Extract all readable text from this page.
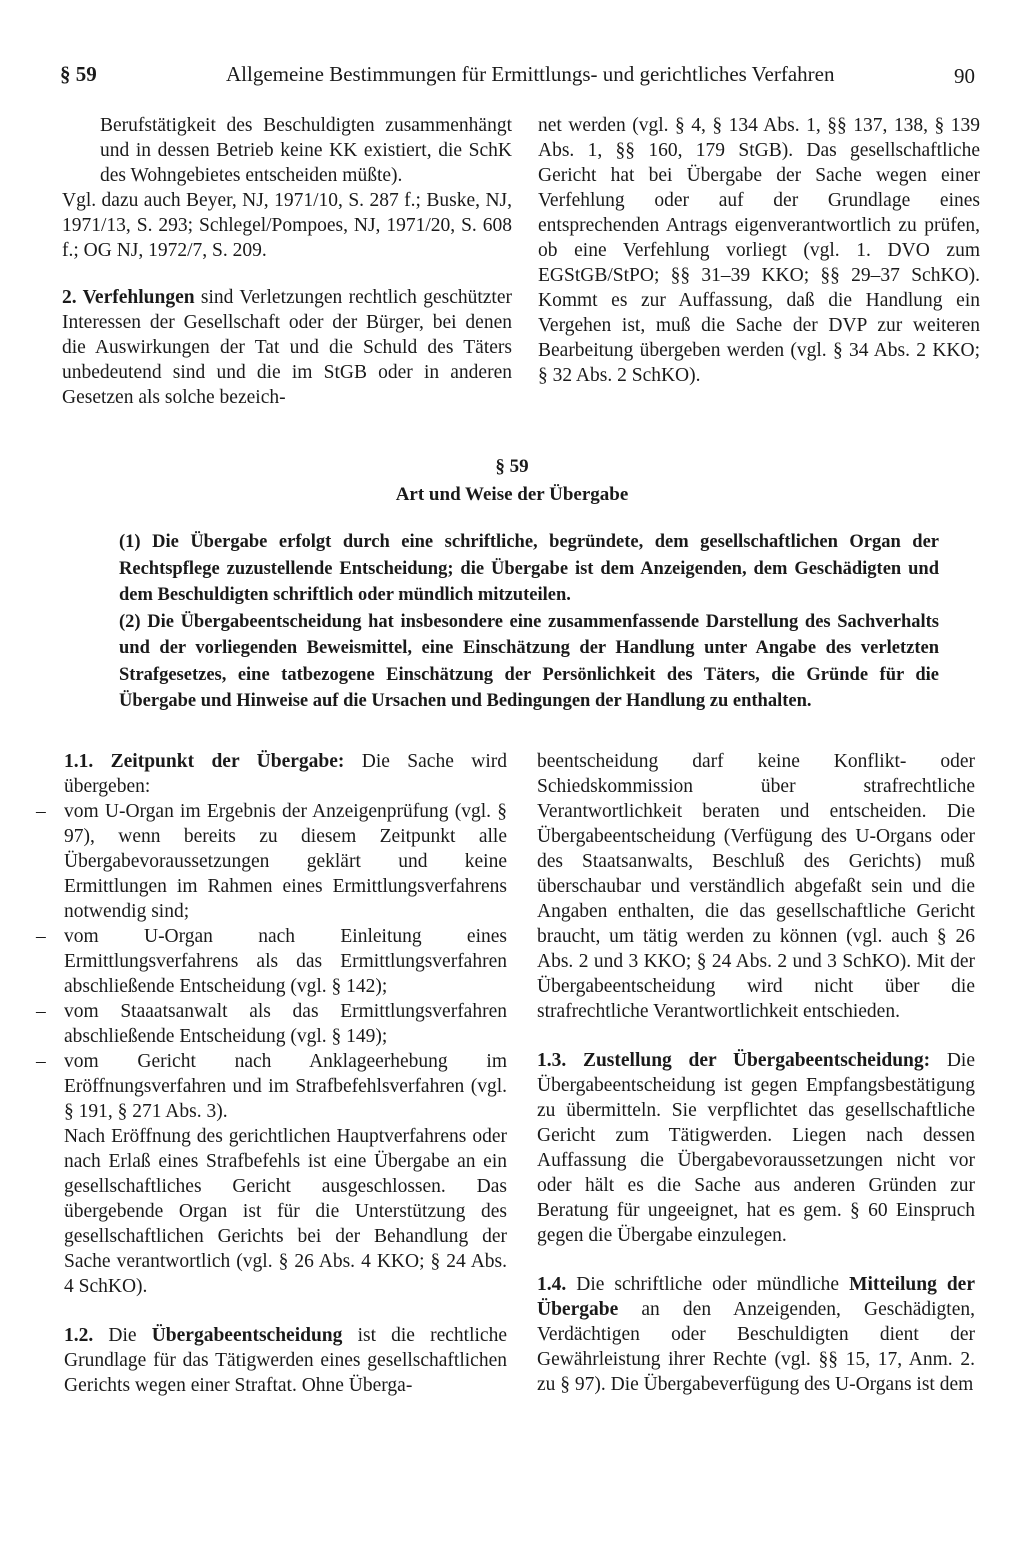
§ 59	Allgemeine Bestimmungen für Ermittlungs- und gerichtliches Verfahren	90

Berufstätigkeit des Beschuldigten zusammenhängt und in dessen Betrieb keine KK existiert, die SchK des Wohngebietes entscheiden müßte).

Vgl. dazu auch Beyer, NJ, 1971/10, S. 287 f.; Buske, NJ, 1971/13, S. 293; Schlegel/Pompoes, NJ, 1971/20, S. 608 f.; OG NJ, 1972/7, S. 209.

2. Verfehlungen sind Verletzungen rechtlich geschützter Interessen der Gesellschaft oder der Bürger, bei denen die Auswirkungen der Tat und die Schuld des Täters unbedeutend sind und die im StGB oder in anderen Gesetzen als solche bezeich-

net werden (vgl. § 4, § 134 Abs. 1, §§ 137, 138, § 139 Abs. 1, §§ 160, 179 StGB). Das gesellschaftliche Gericht hat bei Übergabe der Sache wegen einer Verfehlung oder auf der Grundlage eines entsprechenden Antrags eigenverantwortlich zu prüfen, ob eine Verfehlung vorliegt (vgl. 1. DVO zum EGStGB/StPO; §§ 31–39 KKO; §§ 29–37 SchKO). Kommt es zur Auffassung, daß die Handlung ein Vergehen ist, muß die Sache der DVP zur weiteren Bearbeitung übergeben werden (vgl. § 34 Abs. 2 KKO; § 32 Abs. 2 SchKO).

§ 59
Art und Weise der Übergabe

(1) Die Übergabe erfolgt durch eine schriftliche, begründete, dem gesellschaftlichen Organ der Rechtspflege zuzustellende Entscheidung; die Übergabe ist dem Anzeigenden, dem Geschädigten und dem Beschuldigten schriftlich oder mündlich mitzuteilen.

(2) Die Übergabeentscheidung hat insbesondere eine zusammenfassende Darstellung des Sachverhalts und der vorliegenden Beweismittel, eine Einschätzung der Handlung unter Angabe des verletzten Strafgesetzes, eine tatbezogene Einschätzung der Persönlichkeit des Täters, die Gründe für die Übergabe und Hinweise auf die Ursachen und Bedingungen der Handlung zu enthalten.

1.1. Zeitpunkt der Übergabe: Die Sache wird übergeben:

– vom U-Organ im Ergebnis der Anzeigenprüfung (vgl. § 97), wenn bereits zu diesem Zeitpunkt alle Übergabevoraussetzungen geklärt und keine Ermittlungen im Rahmen eines Ermittlungsverfahrens notwendig sind;

– vom U-Organ nach Einleitung eines Ermittlungsverfahrens als das Ermittlungsverfahren abschließende Entscheidung (vgl. § 142);

– vom Staaatsanwalt als das Ermittlungsverfahren abschließende Entscheidung (vgl. § 149);

– vom Gericht nach Anklageerhebung im Eröffnungsverfahren und im Strafbefehlsverfahren (vgl. § 191, § 271 Abs. 3).

Nach Eröffnung des gerichtlichen Hauptverfahrens oder nach Erlaß eines Strafbefehls ist eine Übergabe an ein gesellschaftliches Gericht ausgeschlossen. Das übergebende Organ ist für die Unterstützung des gesellschaftlichen Gerichts bei der Behandlung der Sache verantwortlich (vgl. § 26 Abs. 4 KKO; § 24 Abs. 4 SchKO).

1.2. Die Übergabeentscheidung ist die rechtliche Grundlage für das Tätigwerden eines gesellschaftlichen Gerichts wegen einer Straftat. Ohne Überga-

beentscheidung darf keine Konflikt- oder Schiedskommission über strafrechtliche Verantwortlichkeit beraten und entscheiden. Die Übergabeentscheidung (Verfügung des U-Organs oder des Staatsanwalts, Beschluß des Gerichts) muß überschaubar und verständlich abgefaßt sein und die Angaben enthalten, die das gesellschaftliche Gericht braucht, um tätig werden zu können (vgl. auch § 26 Abs. 2 und 3 KKO; § 24 Abs. 2 und 3 SchKO). Mit der Übergabeentscheidung wird nicht über die strafrechtliche Verantwortlichkeit entschieden.

1.3. Zustellung der Übergabeentscheidung: Die Übergabeentscheidung ist gegen Empfangsbestätigung zu übermitteln. Sie verpflichtet das gesellschaftliche Gericht zum Tätigwerden. Liegen nach dessen Auffassung die Übergabevoraussetzungen nicht vor oder hält es die Sache aus anderen Gründen zur Beratung für ungeeignet, hat es gem. § 60 Einspruch gegen die Übergabe einzulegen.

1.4. Die schriftliche oder mündliche Mitteilung der Übergabe an den Anzeigenden, Geschädigten, Verdächtigen oder Beschuldigten dient der Gewährleistung ihrer Rechte (vgl. §§ 15, 17, Anm. 2. zu § 97). Die Übergabeverfügung des U-Organs ist dem
